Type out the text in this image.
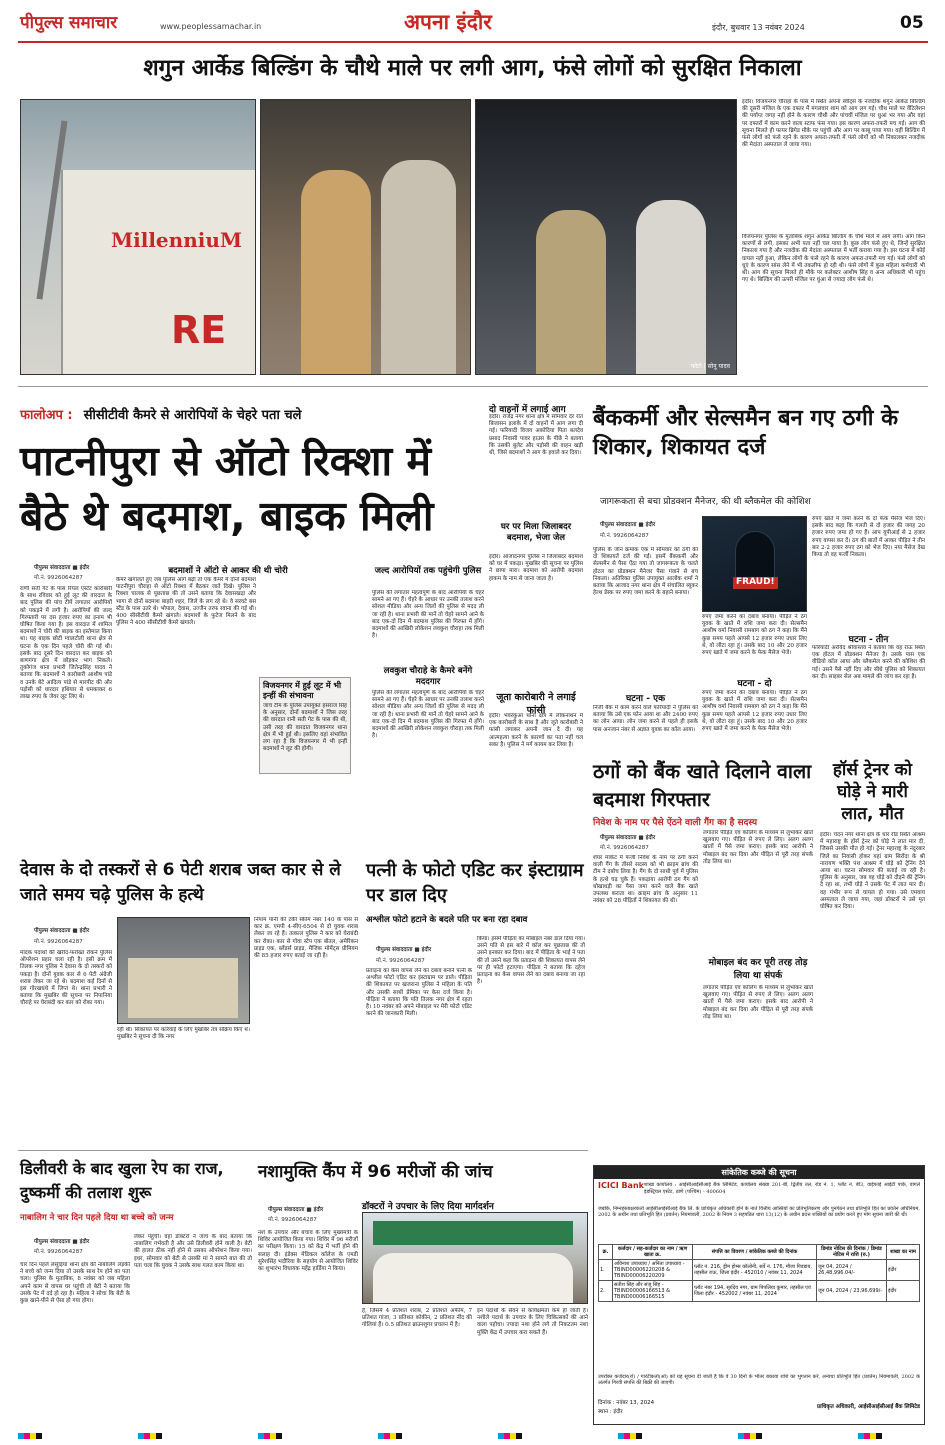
पीपुल्स समाचार	www.peoplessamachar.in	अपना इंदौर	इंदौर, बुधवार 13 नवंबर 2024	05
शगुन आर्केड बिल्डिंग के चौथे माले पर लगी आग, फंसे लोगों को सुरक्षित निकाला
MillenniuM
RE
फोटो | सोनू यादव
इंदौर। विजयनगर चौराहा के पास में स्थित अपना स्वीट्स के नजदीक शगुन आर्केड बिल्डिंग की दूसरी मंजिल के एक दफ्तर में मंगलवार शाम को आग लग गई। चौथ माले पर वेंटिलेशन की पर्याप्त जगह नहीं होने के कारण चौथी और पांचवीं मंजिल पर धुआं भर गया और वहां पर दफ्तरों में काम करने वाला स्टाफ फंस गया। इस कारण अफरा-तफरी मच गई। आग की सूचना मिलते ही फायर ब्रिगेड मौके पर पहुंची और आग पर काबू पाया गया। वहीं बिल्डिंग में फंसे लोगों को फंसे रहने के कारण अफरा-तफरी में फंसे लोगों को भी निकालकर नजदीक की मेदांता अस्पताल ले जाया गया।
विजयनगर पुलिस के मुताबिक शगुन आर्केड बिल्डिंग के चौथे माले में आग लगी। आग किन कारणों से लगी, इसका अभी पता नहीं चल पाया है। कुछ लोग फंसे हुए थे, जिन्हें सुरक्षित निकाला गया है और नजदीक की मेदांता अस्पताल में भर्ती कराया गया है। इस घटना में कोई घायल नहीं हुआ, लेकिन लोगों के फंसे रहने के कारण अफरा-तफरी मच गई। फंसे लोगों को धुएं के कारण सांस लेने में भी तकलीफ हो रही थी। फंसे लोगों में कुछ महिला कर्मचारी भी थीं। आग की सूचना मिलते ही मौके पर कलेक्टर आशीष सिंह व अन्य अधिकारी भी पहुंच गए थे। बिल्डिंग की ऊपरी मंजिल पर धुंआ से ज्यादा लोग फंसे थे।
फालोअप : सीसीटीवी कैमरे से आरोपियों के चेहरे पता चले
पाटनीपुरा से ऑटो रिक्शा में बैठे थे बदमाश, बाइक मिली
पीपुल्स संवाददाता ■ इंदौर
मो.नं. 9926064287
राणी सती गेट के पास रियल एस्टेट कारोबारी के साथ रविवार को हुई लूट की वारदात के बाद पुलिस की पांच टीमें लगातार आरोपियों को पकड़ने में लगी है। आरोपियों की जल्द गिरफ्तारी पर दस हजार रुपए का इनाम भी घोषित किया गया है। इस वारदात में शामिल बदमाशों ने चोरी की बाइक का इस्तेमाल किया था। यह बाइक छोटी ग्वालटोली थाना क्षेत्र से घटना के एक दिन पहले चोरी की गई थी। इसके बाद दूसरे दिन वारदात कर बाइक को बाणगंगा क्षेत्र में छोड़कर भाग निकले। तुकोगंज थाना प्रभारी जितेन्द्रसिंह यादव ने बताया कि बदमाशों ने कारोबारी आशीष पांडे व उनके बेटे आदित्य पांडे से मारपीट की और पड़ोसी को धारदार हथियार से धमकाकर 6 लाख रुपए के जेवर लूट लिए थे।
बदमाशों ने ऑटो से आकर की थी चोरी
कैमरे खंगालते हुए जब पुलिस आगे बढ़ी तो एक कैमरे में दोनों बदमाश पाटनीपुरा चौराहा से ऑटो रिक्शा में बैठकर जाते दिखे। पुलिस ने रिक्शा चालक से पूछताछ की तो उसने बताया कि देवासखड़ा और भागा से दोनों बदमाश बाहरी शहर, जिले के लग रहे थे। वे सरवटे बस स्टैंड के पास उतरे थे। भोपाल, देवास, उज्जैन तरफ रवाना की गई थी। 400 सीसीटीवी कैमरे खंगाले। बदमाशों के फुटेज मिलने के बाद पुलिस ने 400 सीसीटीवी कैमरे खंगाले।
विजयनगर में हुई लूट में भी इन्हीं की संभावना
जांच टीम के पुलिस उपायुक्त हंसराज सिंह के अनुसार, दोनों बदमाशों ने जिस तरह की वारदात रानी सती गेट के पास की थी, उसी तरह की वारदात विजयनगर थाना क्षेत्र में भी हुई थी। इसलिए वहां संभावित लग रहा है कि विजयनगर में भी इन्हीं बदमाशों ने लूट की होगी।
जल्द आरोपियों तक पहुंचेगी पुलिस
पुलिस की लगातार महत्वपूर्ण के बाद आरोपियों के चेहरे सामने आ गए हैं। चेहरे के आधार पर उनकी तलाश करने सोशल मीडिया और अन्य जिलों की पुलिस से मदद ली जा रही है। थाना प्रभारी की मानें तो चेहरे सामने आने के बाद एक-दो दिन में बदमाश पुलिस की गिरफ्त में होंगे। बदमाशों की आखिरी लोकेशन लवकुश चौराहा तक मिली है।
लवकुश चौराहे के कैमरे बनेंगे मददगार
पुलिस की लगातार महत्वपूर्ण के बाद आरोपियों के चेहरे सामने आ गए हैं। चेहरे के आधार पर उनकी तलाश करने सोशल मीडिया और अन्य जिलों की पुलिस से मदद ली जा रही है। थाना प्रभारी की मानें तो चेहरे सामने आने के बाद एक-दो दिन में बदमाश पुलिस की गिरफ्त में होंगे। बदमाशों की आखिरी लोकेशन लवकुश चौराहा तक मिली है।
दो वाहनों में लगाई आग
इंदौर। राजेंद्र नगर थाना क्षेत्र में सोमवार देर रात बिजासन इलाके में दो वाहनों में आग लगा दी गई। फरियादी विजय अकोदिया पिता बलदेव प्रसाद निवासी पावर हाउस के पीछे ने बताया कि उसकी बुलेट और पड़ोसी की वाहन खड़ी थी, जिसे बदमाशों ने आग के हवाले कर दिया।
घर पर मिला जिलाबदर बदमाश, भेजा जेल
इंदौर। आजादनगर पुलिस ने जिलाबदर बदमाश को घर में पकड़ा। मुखबिर की सूचना पर पुलिस ने छापा मारा। बदमाश को आरोपी बदमाश हाकम के नाम से जाना जाता है।
जूता कारोबारी ने लगाई फांसी
इंदौर। भंवरकुआं थाना क्षेत्र में लोकनाथन में एक कारोबारी के साथ है और जूते कारोबारी ने फांसी लगाकर अपनी जान दे दी। यह आत्महत्या करने के कारणों का पता नहीं चल सका है। पुलिस ने मर्ग कायम कर लिया है।
बैंककर्मी और सेल्समैन बन गए ठगी के शिकार, शिकायत दर्ज
जागरूकता से बचा प्रोडक्शन मैनेजर, की थी ब्लैकमेल की कोशिश
पीपुल्स संवाददाता ■ इंदौर
मो.नं. 9926064287
पुलिस के जोन क्रमांक एक में सोमवार को ठगी की दो शिकायतें दर्ज की गईं। इसमें बैंककर्मी और सेल्समैन से पैसा ऐंठा गया तो जागरूकता के चलते होटल का प्रोडक्शन मैनेजर पैसा गंवाने से बच निकला। अतिरिक्त पुलिस उपायुक्त आलोक शर्मा ने बताया कि आजाद नगर थाना क्षेत्र में संचालित ब्यूकर हेल्थ डेस्क पर रुपए जमा करने के बहाने बनाया।
घटना - एक
निजी बैंक में काम करने वाले फरियादी ने पुलिस को बताया कि उसे एक फोन आया था और 2400 रुपए का लोन आया। लोन जमा करने से पहले ही इसके पास अनजान नंबर से अज्ञात युवक का कॉल आया।
FRAUD!
रुपए जमा करने का दबाव बनाया। पीड़ित ने ठग युवक के खाते में राशि जमा करा दी। सेल्समैन आशीष वर्मा निवासी रामबाग को ठग ने कहा कि मैंने कुछ समय पहले आपसे 12 हजार रुपए उधार लिए थे, वो लौटा रहा हूं। उसके बाद 10 और 20 हजार रुपए खाते में जमा करने के फेक मैसेज भेजे।
घटना - दो
रुपए जमा करने का दबाव बनाया। पीड़ित ने ठग युवक के खाते में राशि जमा करा दी। सेल्समैन आशीष वर्मा निवासी रामबाग को ठग ने कहा कि मैंने कुछ समय पहले आपसे 12 हजार रुपए उधार लिए थे, वो लौटा रहा हूं। उसके बाद 10 और 20 हजार रुपए खाते में जमा करने के फेक मैसेज भेजे।
रुपए खाते में जमा करने के दो फेक मैसेज भेज दिए। इसके बाद कहा कि गलती से दो हजार की जगह 20 हजार रुपए जमा हो गए हैं। आप यूपीआई से 2 हजार रुपए वापस कर दें। ठग की बातों में आकर पीड़ित ने तीन बार 2-2 हजार रुपए ठग को भेज दिए। नया मैसेज देख किया तो वह फर्जी निकला।
घटना - तीन
फरियादी अरविंद श्रीवास्तव ने बताया कि वह राऊ स्थित एक होटल में प्रोडक्शन मैनेजर है। उसके पास एक वीडियो कॉल आया और ब्लैकमेल करने की कोशिश की गई। उसने पैसे नहीं दिए और सीधे पुलिस को शिकायत कर दी। साइबर सेल अब मामले की जांच कर रहा है।
ठगों को बैंक खाते दिलाने वाला बदमाश गिरफ्तार
निवेश के नाम पर पैसे ऐंठने वाली गैंग का है सदस्य
पीपुल्स संवाददाता ■ इंदौर
मो.नं. 9926064287
शेयर मार्केट में फर्जी निवेश के नाम पर ठगी करने वाली गैंग के तीसरे सदस्य को भी क्राइम ब्रांच की टीम ने दबोच लिया है। गैंग के दो साथी पूर्व में पुलिस के हत्थे चढ़ चुके हैं। पकड़ाया आरोपी ठग गैंग को धोखाधड़ी का पैसा जमा करने वाले बैंक खाते उपलब्ध कराता था। क्राइम ब्रांच के अनुसार 11 नवंबर को 28 पीड़ितों ने शिकायत की थी।
लगातार पीड़ित एवं कॉलिंग के माध्यम से लुभाकर खाते खुलवाए गए। पीड़ित से रुपए ले लिए। अलग अलग खातों में पैसे जमा कराए। इसके बाद आरोपी ने मोबाइल बंद कर दिया और पीड़ित से पूरी तरह संपर्क तोड़ लिया था।
मोबाइल बंद कर पूरी तरह तोड़ लिया था संपर्क
लगातार पीड़ित एवं कॉलिंग के माध्यम से लुभाकर खाते खुलवाए गए। पीड़ित से रुपए ले लिए। अलग अलग खातों में पैसे जमा कराए। इसके बाद आरोपी ने मोबाइल बंद कर दिया और पीड़ित से पूरी तरह संपर्क तोड़ लिया था।
हॉर्स ट्रेनर को घोड़े ने मारी लात, मौत
इंदौर। चंदन नगर थाना क्षेत्र के धार रोड स्थित आश्रम में महाराष्ट्र के हॉर्स ट्रेनर को घोड़े ने लात मार दी, जिससे उसकी मौत हो गई। ट्रेनर महाराष्ट्र के नंदुरबार जिले का निवासी होकर यहां ग्राम सिरोंदा के श्री नारायण भक्ति पंथ आश्रम में घोड़े को ट्रेनिंग देने आया था। घटना सोमवार की बताई जा रही है। पुलिस के अनुसार, जब वह घोड़े को दौड़ने की ट्रेनिंग दे रहा था, तभी घोड़े ने उसके पेट में लात मार दी। वह गंभीर रूप से घायल हो गया। उसे एमवाय अस्पताल ले जाया गया, जहां डॉक्टरों ने उसे मृत घोषित कर दिया।
देवास के दो तस्करों से 6 पेटी शराब जब्त कार से ले जाते समय चढ़े पुलिस के हत्थे
पीपुल्स संवाददाता ■ इंदौर
मो.नं. 9926064287
मादक पदार्थों की खरीद-फरोख्त रोकने पुलिस ऑपरेशन प्रहार चला रही है। इसी क्रम में तिलक नगर पुलिस ने देवास के दो तस्करों को पकड़ा है। दोनों युवक कार से 6 पेटी अंग्रेजी शराब लेकर जा रहे थे। बदमाश कई दिनों से इस गोरखधंधे में लिप्त थे। थाना प्रभारी ने बताया कि मुखबिर की सूचना पर निपानिया चौराहे पर घेराबंदी कर कार को रोका गया।
निपाम पानी की टंकी स्कीम नंबर 140 के पास से कार क्र. एमपी 4-सीए-6504 से दो युवक शराब लेकर जा रहे हैं। तत्काल पुलिस ने कार को घेराबंदी कर रोका। कार से गोवा स्टेप एक बोतल, अमेरिकन प्राइड एक, ब्लेंडर्स प्राइड, मैजिक मोमेंट्स प्रीमियम की 85 हजार रुपए बताई जा रही है।
रही थी। सिकायत पर कार्रवाई के लिए मुखबिर तंत्र सक्रिय किए थे। मुखबिर ने सूचना दी कि नगर
पत्नी के फोटो एडिट कर इंस्टाग्राम पर डाल दिए
अश्लील फोटो हटाने के बदले पति पर बना रहा दबाव
पीपुल्स संवाददाता ■ इंदौर
मो.नं. 9926064287
प्रताड़ना का केस वापस लेने का दबाव बनाने पत्नी के अश्लील फोटो एडिट कर इंस्टाग्राम पर डाले। पीड़िता की शिकायत पर खजराना पुलिस ने महिला के पति और उसकी साथी प्रेमिका पर केस दर्ज किया है। पीड़िता ने बताया कि पति तिलक नगर क्षेत्र में रहता है। 10 नवंबर को अपने मोबाइल पर मेरी फोटो एडिट करने की जानकारी मिली।
किया। इसमें पीड़िता का मोबाइल नंबर डाल दिया गया। उसने पति से इस बारे में कॉल कर पूछताछ की तो उसने इनकार कर दिया। बाद में पीड़िता के भाई ने पता की तो उसने कहा कि प्रताड़ना की शिकायत वापस लेने पर ही फोटो हटाएगा। पीड़िता ने बताया कि दहेज प्रताड़ना का केस वापस लेने का दबाव बनाया जा रहा है।
डिलीवरी के बाद खुला रेप का राज, दुष्कर्मी की तलाश शुरू
नाबालिग ने चार दिन पहले दिया था बच्चे को जन्म
पीपुल्स संवाददाता ■ इंदौर
मो.नं. 9926064287
चार दिन पहले लसूड़िया थाना क्षेत्र की नाबालिग लड़की ने बच्चे को जन्म दिया तो उसके साथ रेप होने का पता चला। पुलिस के मुताबिक, 8 नवंबर को जब महिला अपने काम से वापस घर पहुंची तो बेटी ने बताया कि उसके पेट में दर्द हो रहा है। महिला ने सोचा कि बेटी के कुछ खाने-पीने से ऐसा हो गया होगा।
लेकर पहुंची। वहां डॉक्टरों ने जांच के बाद बताया कि नाबालिग गर्भवती है और उसे डिलीवरी होने वाली है। बेटी की हालत ठीक नहीं होने से उसका ऑपरेशन किया गया। इधर, सोमवार को बेटी से उसकी मां ने सामने बात की तो पता चला कि युवक ने उसके साथ गलत काम किया था।
नशामुक्ति कैंप में 96 मरीजों की जांच
डॉक्टरों ने उपचार के लिए दिया मार्गदर्शन
पीपुल्स संवाददाता ■ इंदौर
मो.नं. 9926064287
नशे के उपचार और बचाव के लिए मुख्यमंत्री के शिविर आयोजित किया गया। शिविर में 96 मरीजों का परीक्षण किया। 15 को केंद्र में भर्ती होने की सलाह दी। इंडेक्स मेडिकल कॉलेज के एमडी सुरेशसिंह भदौरिया के सहयोग से आयोजित शिविर का शुभारंभ विधायक महेंद्र हार्डिया ने किया।
है, जिसमें 4 प्रतिशत शराब, 2 प्रतिशत अफीम, 7 प्रतिशत गांजा, 3 प्रतिशत कोकीन, 2 प्रतिशत नींद की गोलियां हैं। 0.5 प्रतिशत ब्राउनशुगर प्रचलन में है।
इन पदार्थों के सेवन से कार्यक्षमता कम हो जाती है। नशीले पदार्थ के उपचार के लिए चिकित्सकों की आने वाला पहोचा। ज्यादा नशा होने लगे तो निकटतम नशा मुक्ति केंद्र में उपचार करा सकते हैं।
सांकेतिक कब्जे की सूचना
ICICI Bank शाखा कार्यालय : आईसीआईसीआई बैंक लिमिटेड, कार्यालय संख्या 201-बी, द्वितीय तल, रोड नं. 1, प्लॉट नं. बी3, वाईफाई आईटी पार्क, वागले इंडस्ट्रियल एस्टेट, ठाणे (पश्चिम) - 400604
जबकि, निम्नहस्ताक्षरकर्ता आईसीआईसीआई बैंक लि. के प्राधिकृत अधिकारी होने के नाते वित्तीय आस्तियों का प्रतिभूतिकरण और पुनर्गठन तथा प्रतिभूति हित का प्रवर्तन अधिनियम, 2002 के अधीन तथा प्रतिभूति हित (प्रवर्तन) नियमावली, 2002 के नियम 3 सहपठित धारा 13(12) के अधीन प्रदत्त शक्तियों का प्रयोग करते हुए मांग सूचना जारी की थी।
क्र.	कर्जदार / सह-कर्जदार का नाम / ऋण खाता क्र.	संपत्ति का विवरण / सांकेतिक कब्जे की दिनांक	डिमांड नोटिस की दिनांक / डिमांड नोटिस में राशि (रु.)	शाखा का नाम
1.	अविनाश उपाध्याय / अनिता उपाध्याय - TBIND00006220208 & TBIND00006220209	प्लॉट नं. 216, ड्रीम होम्स कॉलोनी, सर्वे नं. 176, मौजा पिवडाय, तहसील राऊ, जिला इंदौर - 452010 / नवंबर 11, 2024	जून 04, 2024 / 26,48,996.04/-	इंदौर
2.	सतीश सिंह और संजू सिंह - TBIND00006166513 & TBIND00006166515	प्लॉट नंबर 194, सूर्यदेव नगर, ग्राम पिपलिया कुमार, तहसील एवं जिला इंदौर - 452002 / नवंबर 11, 2024	जून 04, 2024 / 23,96,699/-	इंदौर
उपरोक्त कर्जदार(रों) / गारंटीकर्ता(ओं) को यह सूचना दी जाती है कि वे 30 दिनों के भीतर बकाया राशि का भुगतान करें, अन्यथा प्रतिभूति हित (प्रवर्तन) नियमावली, 2002 के अंतर्गत गिरवी संपत्ति की बिक्री की जाएगी।
दिनांक : नवंबर 13, 2024
स्थान : इंदौर
प्राधिकृत अधिकारी, आईसीआईसीआई बैंक लिमिटेड
